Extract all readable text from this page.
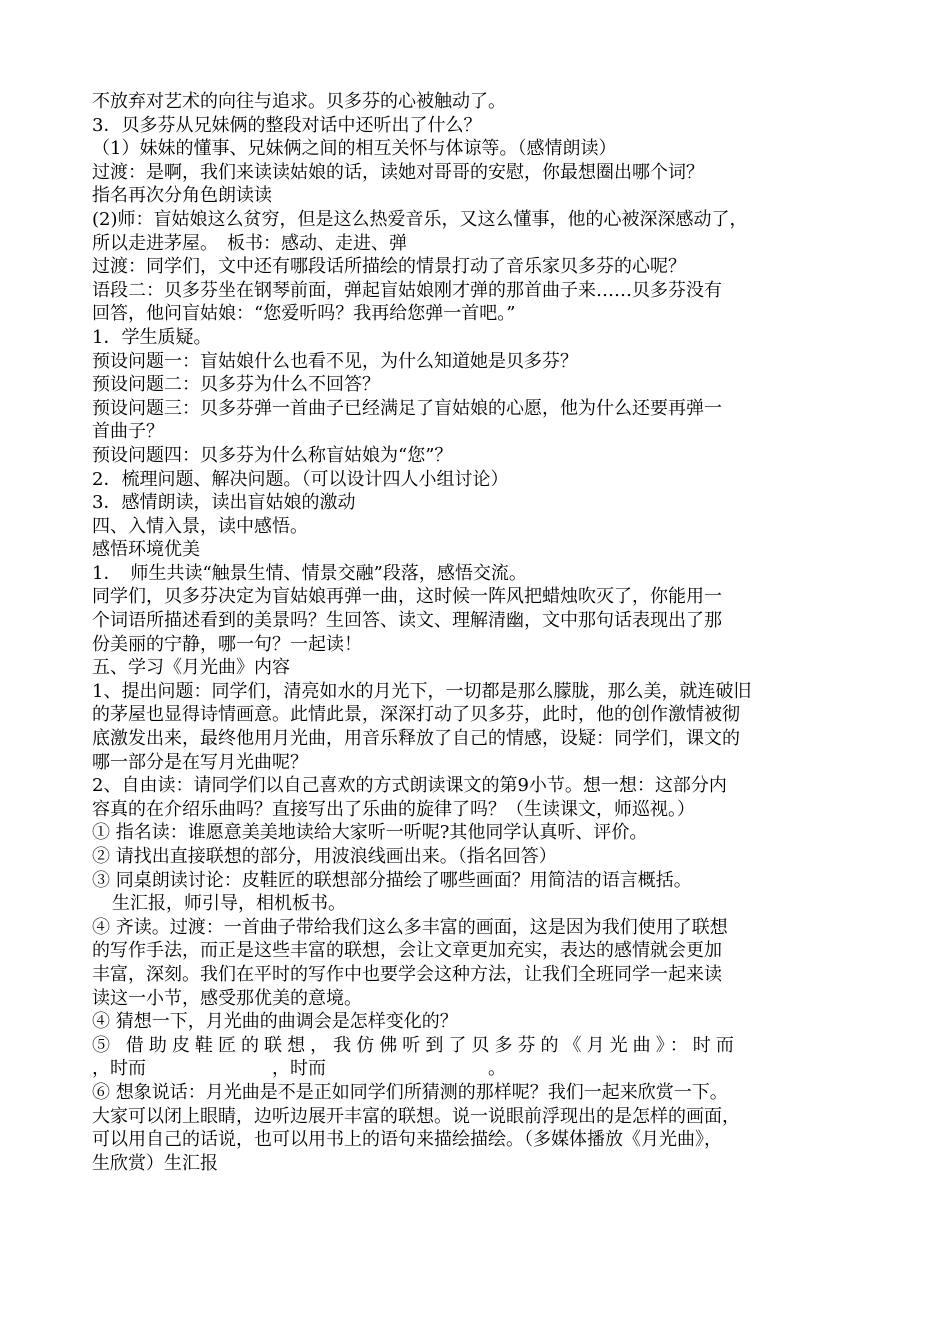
不放弃对艺术的向往与追求。贝多芬的心被触动了。

3．贝多芬从兄妹俩的整段对话中还听出了什么？

（1）妹妹的懂事、兄妹俩之间的相互关怀与体谅等。（感情朗读）

过渡：是啊，我们来读读姑娘的话，读她对哥哥的安慰，你最想圈出哪个词？

指名再次分角色朗读读

(2)师：盲姑娘这么贫穷，但是这么热爱音乐，又这么懂事，他的心被深深感动了，

所以走进茅屋。　板书：感动、走进、弹

过渡：同学们，文中还有哪段话所描绘的情景打动了音乐家贝多芬的心呢？

语段二：贝多芬坐在钢琴前面，弹起盲姑娘刚才弹的那首曲子来……贝多芬没有

回答，他问盲姑娘：“您爱听吗？我再给您弹一首吧。”

1．学生质疑。

预设问题一：盲姑娘什么也看不见，为什么知道她是贝多芬？

预设问题二：贝多芬为什么不回答？

预设问题三：贝多芬弹一首曲子已经满足了盲姑娘的心愿，他为什么还要再弹一

首曲子？

预设问题四：贝多芬为什么称盲姑娘为“您”？

2．梳理问题、解决问题。（可以设计四人小组讨论）

3．感情朗读，读出盲姑娘的激动

四、入情入景，读中感悟。

感悟环境优美

1．　师生共读“触景生情、情景交融”段落，感悟交流。

同学们，贝多芬决定为盲姑娘再弹一曲，这时候一阵风把蜡烛吹灭了，你能用一

个词语所描述看到的美景吗？生回答、读文、理解清幽，文中那句话表现出了那

份美丽的宁静，哪一句？一起读！

五、学习《月光曲》内容

1、提出问题：同学们，清亮如水的月光下，一切都是那么朦胧，那么美，就连破旧

的茅屋也显得诗情画意。此情此景，深深打动了贝多芬，此时，他的创作激情被彻

底激发出来，最终他用月光曲，用音乐释放了自己的情感，设疑：同学们，课文的

哪一部分是在写月光曲呢？

2、自由读：请同学们以自己喜欢的方式朗读课文的第9小节。想一想：这部分内

容真的在介绍乐曲吗？直接写出了乐曲的旋律了吗？（生读课文，师巡视。）

① 指名读：谁愿意美美地读给大家听一听呢?其他同学认真听、评价。

② 请找出直接联想的部分，用波浪线画出来。（指名回答）

③ 同桌朗读讨论：皮鞋匠的联想部分描绘了哪些画面？用简洁的语言概括。

生汇报，师引导，相机板书。

④ 齐读。过渡：一首曲子带给我们这么多丰富的画面，这是因为我们使用了联想

的写作手法，而正是这些丰富的联想，会让文章更加充实，表达的感情就会更加

丰富，深刻。我们在平时的写作中也要学会这种方法，让我们全班同学一起来读

读这一小节，感受那优美的意境。

④ 猜想一下，月光曲的曲调会是怎样变化的？

⑤ 借助皮鞋匠的联想，我仿佛听到了贝多芬的《月光曲》：时而

，时而　　　　　　　，时而　　　　　　　　　。

⑥ 想象说话：月光曲是不是正如同学们所猜测的那样呢？我们一起来欣赏一下。

大家可以闭上眼睛，边听边展开丰富的联想。说一说眼前浮现出的是怎样的画面，

可以用自己的话说，也可以用书上的语句来描绘描绘。（多媒体播放《月光曲》，

生欣赏）生汇报
